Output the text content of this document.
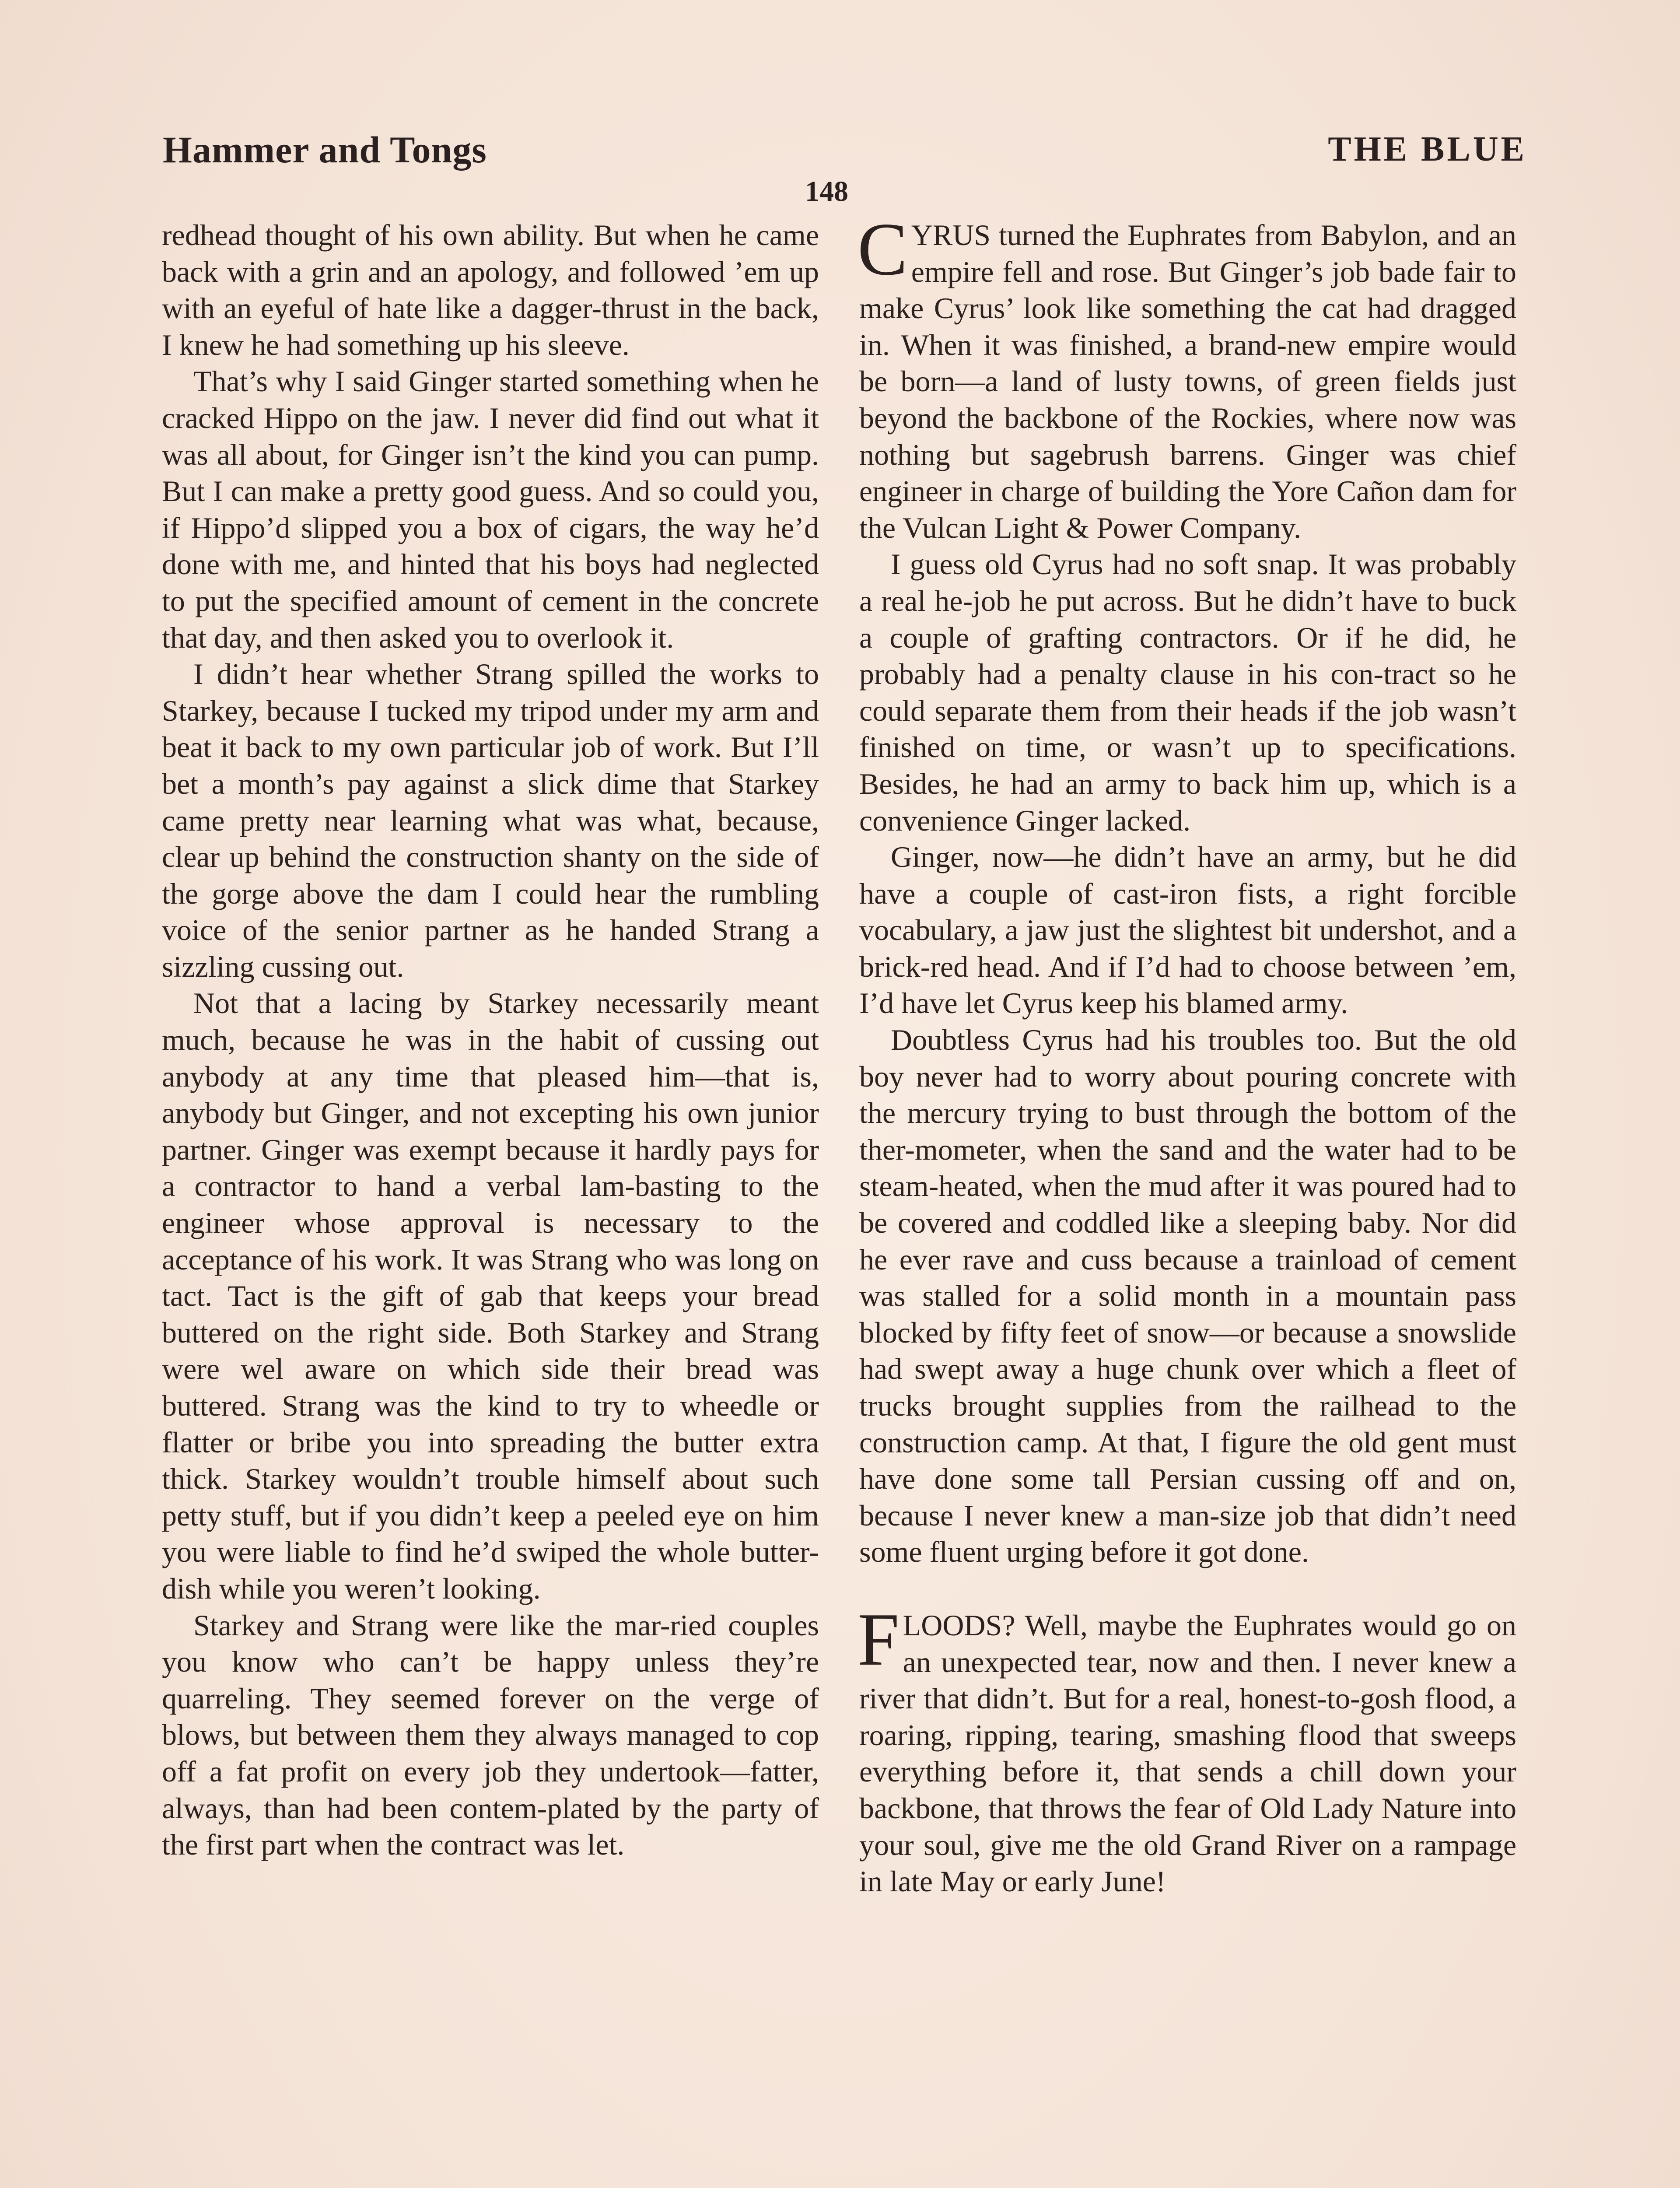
Hammer and Tongs	THE BLUE
148

redhead thought of his own ability. But when he came back with a grin and an apology, and followed ’em up with an eyeful of hate like a dagger-thrust in the back, I knew he had something up his sleeve.

That’s why I said Ginger started something when he cracked Hippo on the jaw. I never did find out what it was all about, for Ginger isn’t the kind you can pump. But I can make a pretty good guess. And so could you, if Hippo’d slipped you a box of cigars, the way he’d done with me, and hinted that his boys had neglected to put the specified amount of cement in the concrete that day, and then asked you to overlook it.

I didn’t hear whether Strang spilled the works to Starkey, because I tucked my tripod under my arm and beat it back to my own particular job of work. But I’ll bet a month’s pay against a slick dime that Starkey came pretty near learning what was what, because, clear up behind the construction shanty on the side of the gorge above the dam I could hear the rumbling voice of the senior partner as he handed Strang a sizzling cussing out.

Not that a lacing by Starkey necessarily meant much, because he was in the habit of cussing out anybody at any time that pleased him—that is, anybody but Ginger, and not excepting his own junior partner. Ginger was exempt because it hardly pays for a contractor to hand a verbal lam-basting to the engineer whose approval is necessary to the acceptance of his work. It was Strang who was long on tact. Tact is the gift of gab that keeps your bread buttered on the right side. Both Starkey and Strang were wel aware on which side their bread was buttered. Strang was the kind to try to wheedle or flatter or bribe you into spreading the butter extra thick. Starkey wouldn’t trouble himself about such petty stuff, but if you didn’t keep a peeled eye on him you were liable to find he’d swiped the whole butter-dish while you weren’t looking.

Starkey and Strang were like the mar-ried couples you know who can’t be happy unless they’re quarreling. They seemed forever on the verge of blows, but between them they always managed to cop off a fat profit on every job they undertook—fatter, always, than had been contem-plated by the party of the first part when the contract was let.

CYRUS turned the Euphrates from Babylon, and an empire fell and rose. But Ginger’s job bade fair to make Cyrus’ look like something the cat had dragged in. When it was finished, a brand-new empire would be born—a land of lusty towns, of green fields just beyond the backbone of the Rockies, where now was nothing but sagebrush barrens. Ginger was chief engineer in charge of building the Yore Cañon dam for the Vulcan Light & Power Company.

I guess old Cyrus had no soft snap. It was probably a real he-job he put across. But he didn’t have to buck a couple of grafting contractors. Or if he did, he probably had a penalty clause in his con-tract so he could separate them from their heads if the job wasn’t finished on time, or wasn’t up to specifications. Besides, he had an army to back him up, which is a convenience Ginger lacked.

Ginger, now—he didn’t have an army, but he did have a couple of cast-iron fists, a right forcible vocabulary, a jaw just the slightest bit undershot, and a brick-red head. And if I’d had to choose between ’em, I’d have let Cyrus keep his blamed army.

Doubtless Cyrus had his troubles too. But the old boy never had to worry about pouring concrete with the mercury trying to bust through the bottom of the ther-mometer, when the sand and the water had to be steam-heated, when the mud after it was poured had to be covered and coddled like a sleeping baby. Nor did he ever rave and cuss because a trainload of cement was stalled for a solid month in a mountain pass blocked by fifty feet of snow—or because a snowslide had swept away a huge chunk over which a fleet of trucks brought supplies from the railhead to the construction camp. At that, I figure the old gent must have done some tall Persian cussing off and on, because I never knew a man-size job that didn’t need some fluent urging before it got done.

FLOODS? Well, maybe the Euphrates would go on an unexpected tear, now and then. I never knew a river that didn’t. But for a real, honest-to-gosh flood, a roaring, ripping, tearing, smashing flood that sweeps everything before it, that sends a chill down your backbone, that throws the fear of Old Lady Nature into your soul, give me the old Grand River on a rampage in late May or early June!
